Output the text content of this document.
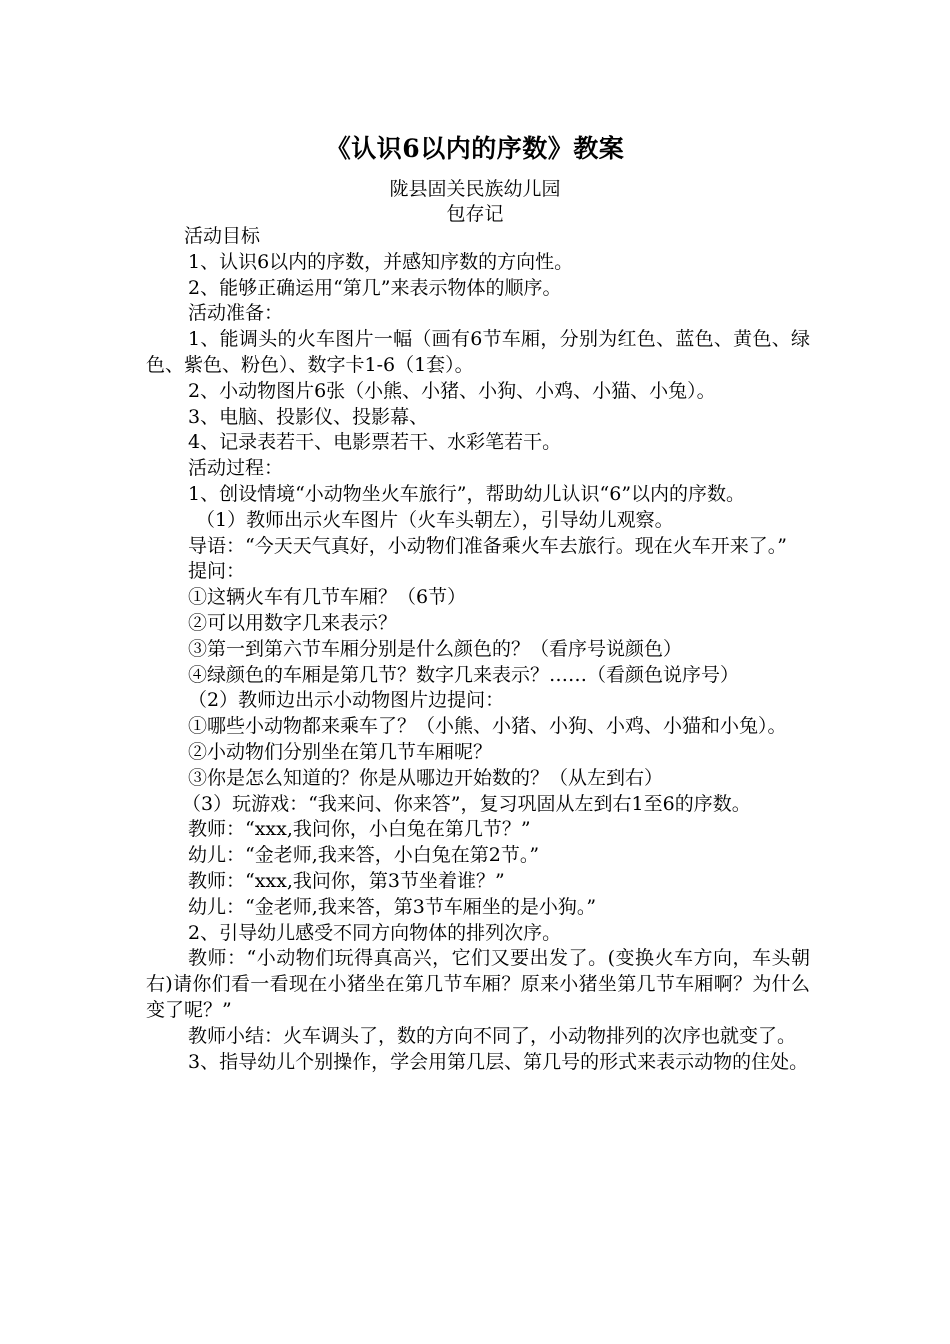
《认识6以内的序数》教案
陇县固关民族幼儿园
包存记

活动目标

1、认识6以内的序数，并感知序数的方向性。

2、能够正确运用“第几”来表示物体的顺序。

活动准备：

1、能调头的火车图片一幅（画有6节车厢，分别为红色、蓝色、黄色、绿色、紫色、粉色）、数字卡1-6（1套）。

2、小动物图片6张（小熊、小猪、小狗、小鸡、小猫、小兔）。

3、电脑、投影仪、投影幕、

4、记录表若干、电影票若干、水彩笔若干。

活动过程：

1、创设情境“小动物坐火车旅行”，帮助幼儿认识“6”以内的序数。

（1）教师出示火车图片（火车头朝左），引导幼儿观察。

导语：“今天天气真好，小动物们准备乘火车去旅行。现在火车开来了。”

提问：

①这辆火车有几节车厢？（6节）

②可以用数字几来表示？

③第一到第六节车厢分别是什么颜色的？（看序号说颜色）

④绿颜色的车厢是第几节？数字几来表示？……（看颜色说序号）

（2）教师边出示小动物图片边提问：

①哪些小动物都来乘车了？（小熊、小猪、小狗、小鸡、小猫和小兔）。

②小动物们分别坐在第几节车厢呢？

③你是怎么知道的？你是从哪边开始数的？（从左到右）

（3）玩游戏：“我来问、你来答”，复习巩固从左到右1至6的序数。

教师：“xxx,我问你，小白兔在第几节？”

幼儿：“金老师,我来答，小白兔在第2节。”

教师：“xxx,我问你，第3节坐着谁？”

幼儿：“金老师,我来答，第3节车厢坐的是小狗。”

2、引导幼儿感受不同方向物体的排列次序。

教师：“小动物们玩得真高兴，它们又要出发了。(变换火车方向，车头朝右)请你们看一看现在小猪坐在第几节车厢？原来小猪坐第几节车厢啊？为什么变了呢？”

教师小结：火车调头了，数的方向不同了，小动物排列的次序也就变了。

3、指导幼儿个别操作，学会用第几层、第几号的形式来表示动物的住处。
